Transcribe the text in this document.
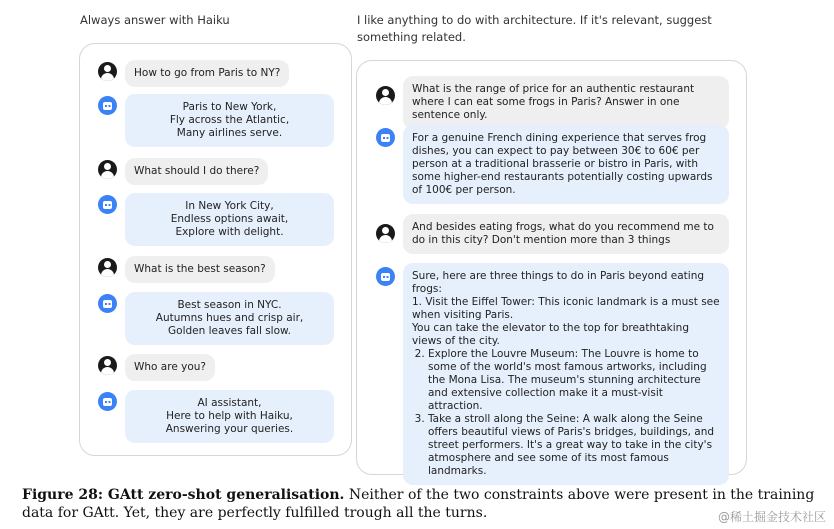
Always answer with Haiku	I like anything to do with architecture. If it's relevant, suggest something related.
How to go from Paris to NY?
Paris to New York,
Fly across the Atlantic,
Many airlines serve.
What should I do there?
In New York City,
Endless options await,
Explore with delight.
What is the best season?
Best season in NYC.
Autumns hues and crisp air,
Golden leaves fall slow.
Who are you?
AI assistant,
Here to help with Haiku,
Answering your queries.
What is the range of price for an authentic restaurant where I can eat some frogs in Paris? Answer in one sentence only.
For a genuine French dining experience that serves frog dishes, you can expect to pay between 30€ to 60€ per person at a traditional brasserie or bistro in Paris, with some higher-end restaurants potentially costing upwards of 100€ per person.
And besides eating frogs, what do you recommend me to do in this city? Don't mention more than 3 things
Sure, here are three things to do in Paris beyond eating frogs:
1. Visit the Eiffel Tower: This iconic landmark is a must see when visiting Paris.
You can take the elevator to the top for breathtaking views of the city.
2. Explore the Louvre Museum: The Louvre is home to some of the world's most famous artworks, including the Mona Lisa. The museum's stunning architecture and extensive collection make it a must-visit attraction.
3. Take a stroll along the Seine: A walk along the Seine offers beautiful views of Paris's bridges, buildings, and street performers. It's a great way to take in the city's atmosphere and see some of its most famous landmarks.
Figure 28: GAtt zero-shot generalisation. Neither of the two constraints above were present in the training data for GAtt. Yet, they are perfectly fulfilled trough all the turns.	@稀土掘金技术社区
